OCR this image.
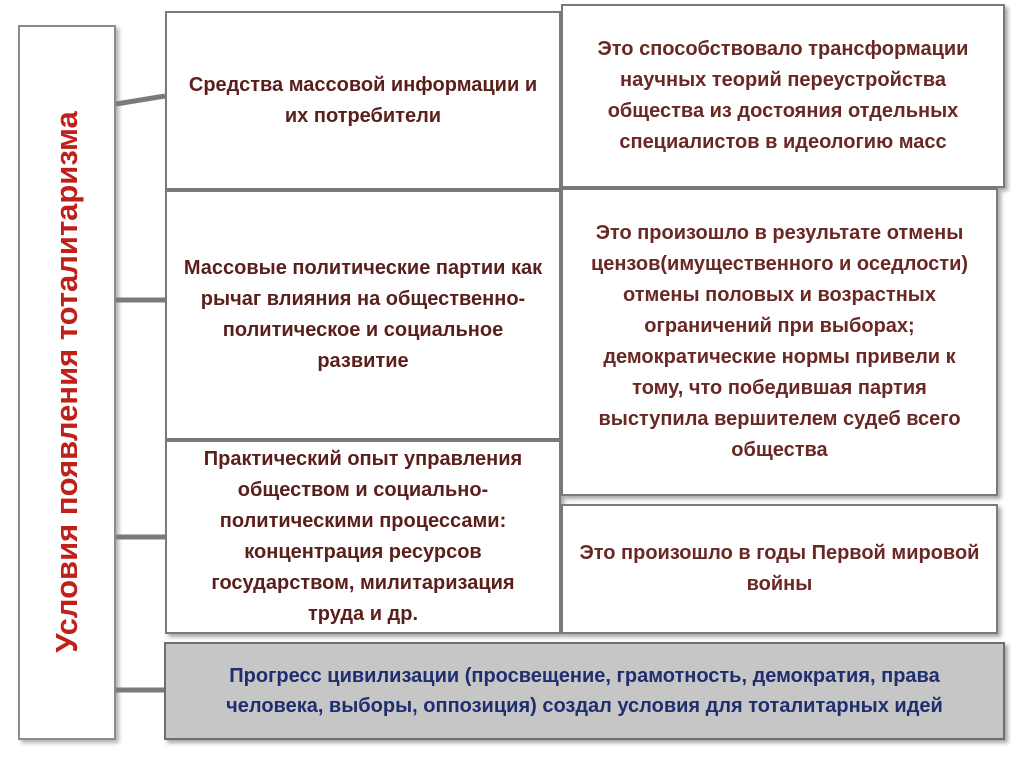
Условия появления тоталитаризма
Средства массовой информации и их потребители
Массовые политические партии как рычаг влияния на общественно-политическое и социальное развитие
Практический опыт управления обществом и социально-политическими процессами: концентрация ресурсов государством, милитаризация труда и др.
Это способствовало трансформации научных теорий переустройства общества из достояния отдельных специалистов в идеологию масс
Это произошло в результате отмены цензов(имущественного и оседлости) отмены половых и возрастных ограничений при выборах; демократические нормы привели к тому, что победившая партия выступила вершителем судеб всего общества
Это произошло в годы Первой мировой войны
Прогресс цивилизации (просвещение, грамотность, демократия, права человека, выборы, оппозиция) создал условия для тоталитарных идей
